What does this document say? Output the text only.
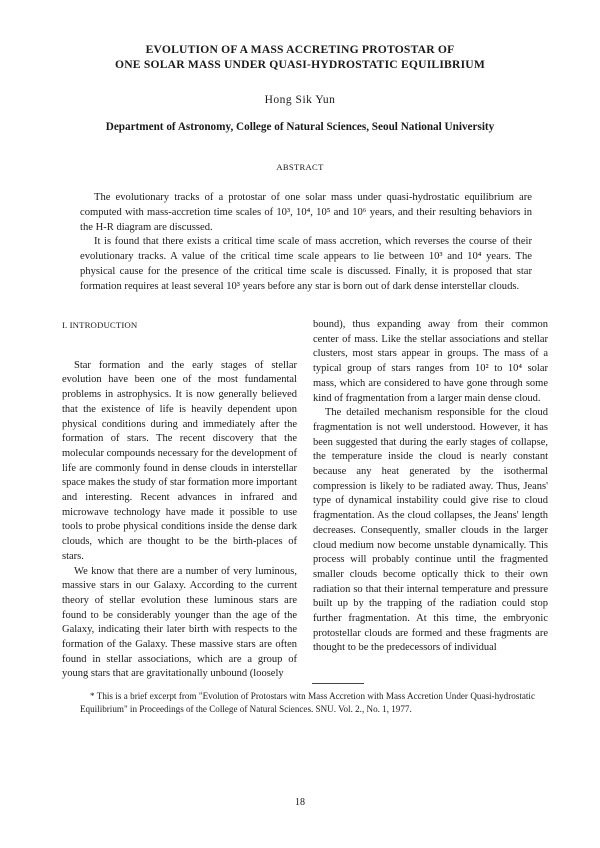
EVOLUTION OF A MASS ACCRETING PROTOSTAR OF
ONE SOLAR MASS UNDER QUASI-HYDROSTATIC EQUILIBRIUM
Hong Sik Yun
Department of Astronomy, College of Natural Sciences, Seoul National University
ABSTRACT

The evolutionary tracks of a protostar of one solar mass under quasi-hydrostatic equilibrium are computed with mass-accretion time scales of 10³, 10⁴, 10⁵ and 10⁶ years, and their resulting behaviors in the H-R diagram are discussed.

It is found that there exists a critical time scale of mass accretion, which reverses the course of their evolutionary tracks. A value of the critical time scale appears to lie between 10³ and 10⁴ years. The physical cause for the presence of the critical time scale is discussed. Finally, it is proposed that star formation requires at least several 10³ years before any star is born out of dark dense interstellar clouds.

I. INTRODUCTION

Star formation and the early stages of stellar evolution have been one of the most fundamental problems in astrophysics. It is now generally believed that the existence of life is heavily dependent upon physical conditions during and immediately after the formation of stars. The recent discovery that the molecular compounds necessary for the development of life are commonly found in dense clouds in interstellar space makes the study of star formation more important and interesting. Recent advances in infrared and microwave technology have made it possible to use tools to probe physical conditions inside the dense dark clouds, which are thought to be the birth-places of stars.

We know that there are a number of very luminous, massive stars in our Galaxy. According to the current theory of stellar evolution these luminous stars are found to be considerably younger than the age of the Galaxy, indicating their later birth with respects to the formation of the Galaxy. These massive stars are often found in stellar associations, which are a group of young stars that are gravitationally unbound (loosely

bound), thus expanding away from their common center of mass. Like the stellar associations and stellar clusters, most stars appear in groups. The mass of a typical group of stars ranges from 10² to 10⁴ solar mass, which are considered to have gone through some kind of fragmentation from a larger main dense cloud.

The detailed mechanism responsible for the cloud fragmentation is not well understood. However, it has been suggested that during the early stages of collapse, the temperature inside the cloud is nearly constant because any heat generated by the isothermal compression is likely to be radiated away. Thus, Jeans' type of dynamical instability could give rise to cloud fragmentation. As the cloud collapses, the Jeans' length decreases. Consequently, smaller clouds in the larger cloud medium now become unstable dynamically. This process will probably continue until the fragmented smaller clouds become optically thick to their own radiation so that their internal temperature and pressure built up by the trapping of the radiation could stop further fragmentation. At this time, the embryonic protostellar clouds are formed and these fragments are thought to be the predecessors of individual

* This is a brief excerpt from "Evolution of Protostars witn Mass Accretion with Mass Accretion Under Quasi-hydrostatic Equilibrium" in Proceedings of the College of Natural Sciences. SNU. Vol. 2., No. 1, 1977.

18
